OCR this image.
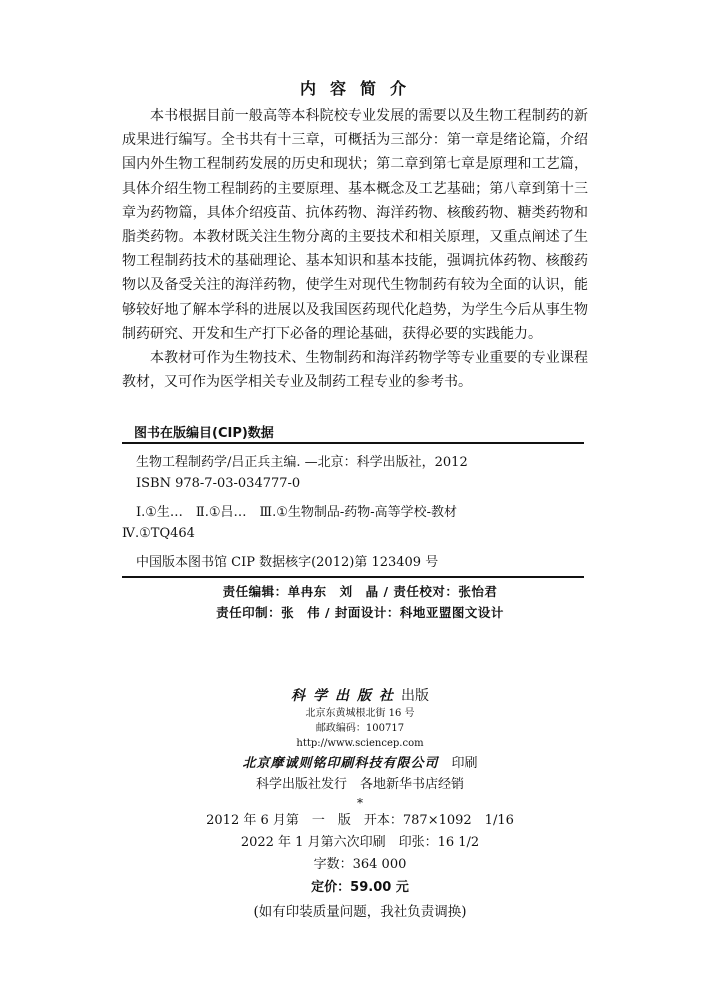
内容简介

本书根据目前一般高等本科院校专业发展的需要以及生物工程制药的新成果进行编写。全书共有十三章，可概括为三部分：第一章是绪论篇，介绍国内外生物工程制药发展的历史和现状；第二章到第七章是原理和工艺篇，具体介绍生物工程制药的主要原理、基本概念及工艺基础；第八章到第十三章为药物篇，具体介绍疫苗、抗体药物、海洋药物、核酸药物、糖类药物和脂类药物。本教材既关注生物分离的主要技术和相关原理，又重点阐述了生物工程制药技术的基础理论、基本知识和基本技能，强调抗体药物、核酸药物以及备受关注的海洋药物，使学生对现代生物制药有较为全面的认识，能够较好地了解本学科的进展以及我国医药现代化趋势，为学生今后从事生物制药研究、开发和生产打下必备的理论基础，获得必要的实践能力。

本教材可作为生物技术、生物制药和海洋药物学等专业重要的专业课程教材，又可作为医学相关专业及制药工程专业的参考书。

图书在版编目(CIP)数据
生物工程制药学/吕正兵主编. —北京：科学出版社，2012
ISBN 978-7-03-034777-0
Ⅰ.①生…　Ⅱ.①吕…　Ⅲ.①生物制品-药物-高等学校-教材
Ⅳ.①TQ464
中国版本图书馆 CIP 数据核字(2012)第 123409 号
责任编辑：单冉东　刘　晶 / 责任校对：张怡君
责任印制：张　伟 / 封面设计：科地亚盟图文设计
科学出版社出版
北京东黄城根北街 16 号
邮政编码：100717
http://www.sciencep.com
北京摩诚则铭印刷科技有限公司　 印刷
科学出版社发行　各地新华书店经销
*
2012 年 6 月第　一　版　开本：787×1092　1/16
2022 年 1 月第六次印刷　印张：16 1/2
字数：364 000
定价：59.00 元
(如有印装质量问题，我社负责调换)
